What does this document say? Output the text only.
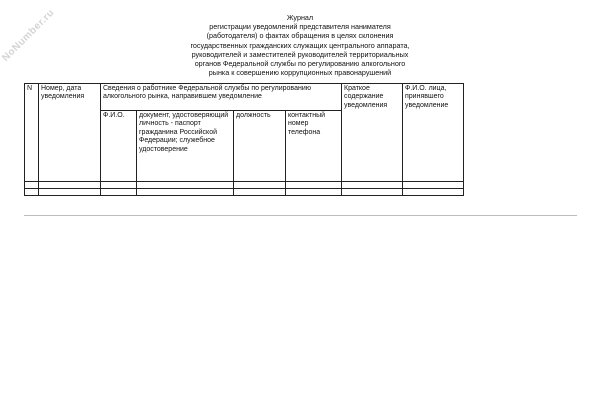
NoNumber.ru	Журнал
регистрации уведомлений представителя нанимателя
(работодателя) о фактах обращения в целях склонения
государственных гражданских служащих центрального аппарата,
руководителей и заместителей руководителей территориальных
органов Федеральной службы по регулированию алкогольного
рынка к совершению коррупционных правонарушений
N	Номер, дата уведомления	Сведения о работнике Федеральной службы по регулированию алкогольного рынка, направившем уведомление				Краткое содержание уведомления	Ф.И.О. лица, принявшего уведомление
		Ф.И.О.	документ, удостоверяющий личность - паспорт гражданина Российской Федерации; служебное удостоверение	должность	контактный номер телефона		
